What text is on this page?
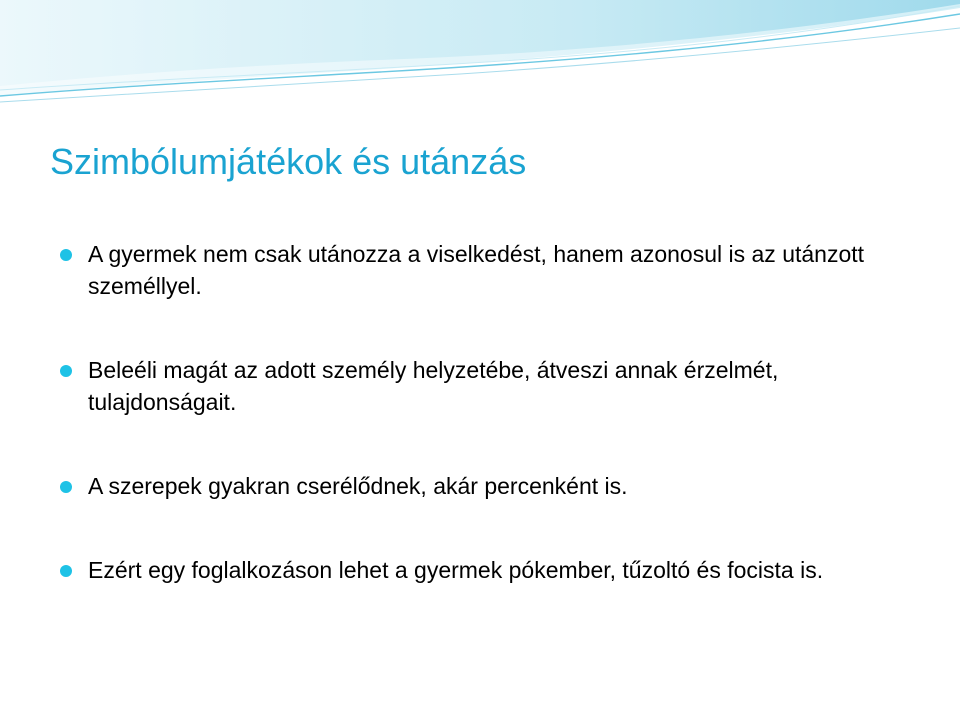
Szimbólumjátékok és utánzás
A gyermek nem csak utánozza a viselkedést, hanem azonosul is az utánzott személlyel.
Beleéli magát az adott személy helyzetébe, átveszi annak érzelmét, tulajdonságait.
A szerepek gyakran cserélődnek, akár percenként is.
Ezért egy foglalkozáson lehet a gyermek pókember, tűzoltó és focista is.
